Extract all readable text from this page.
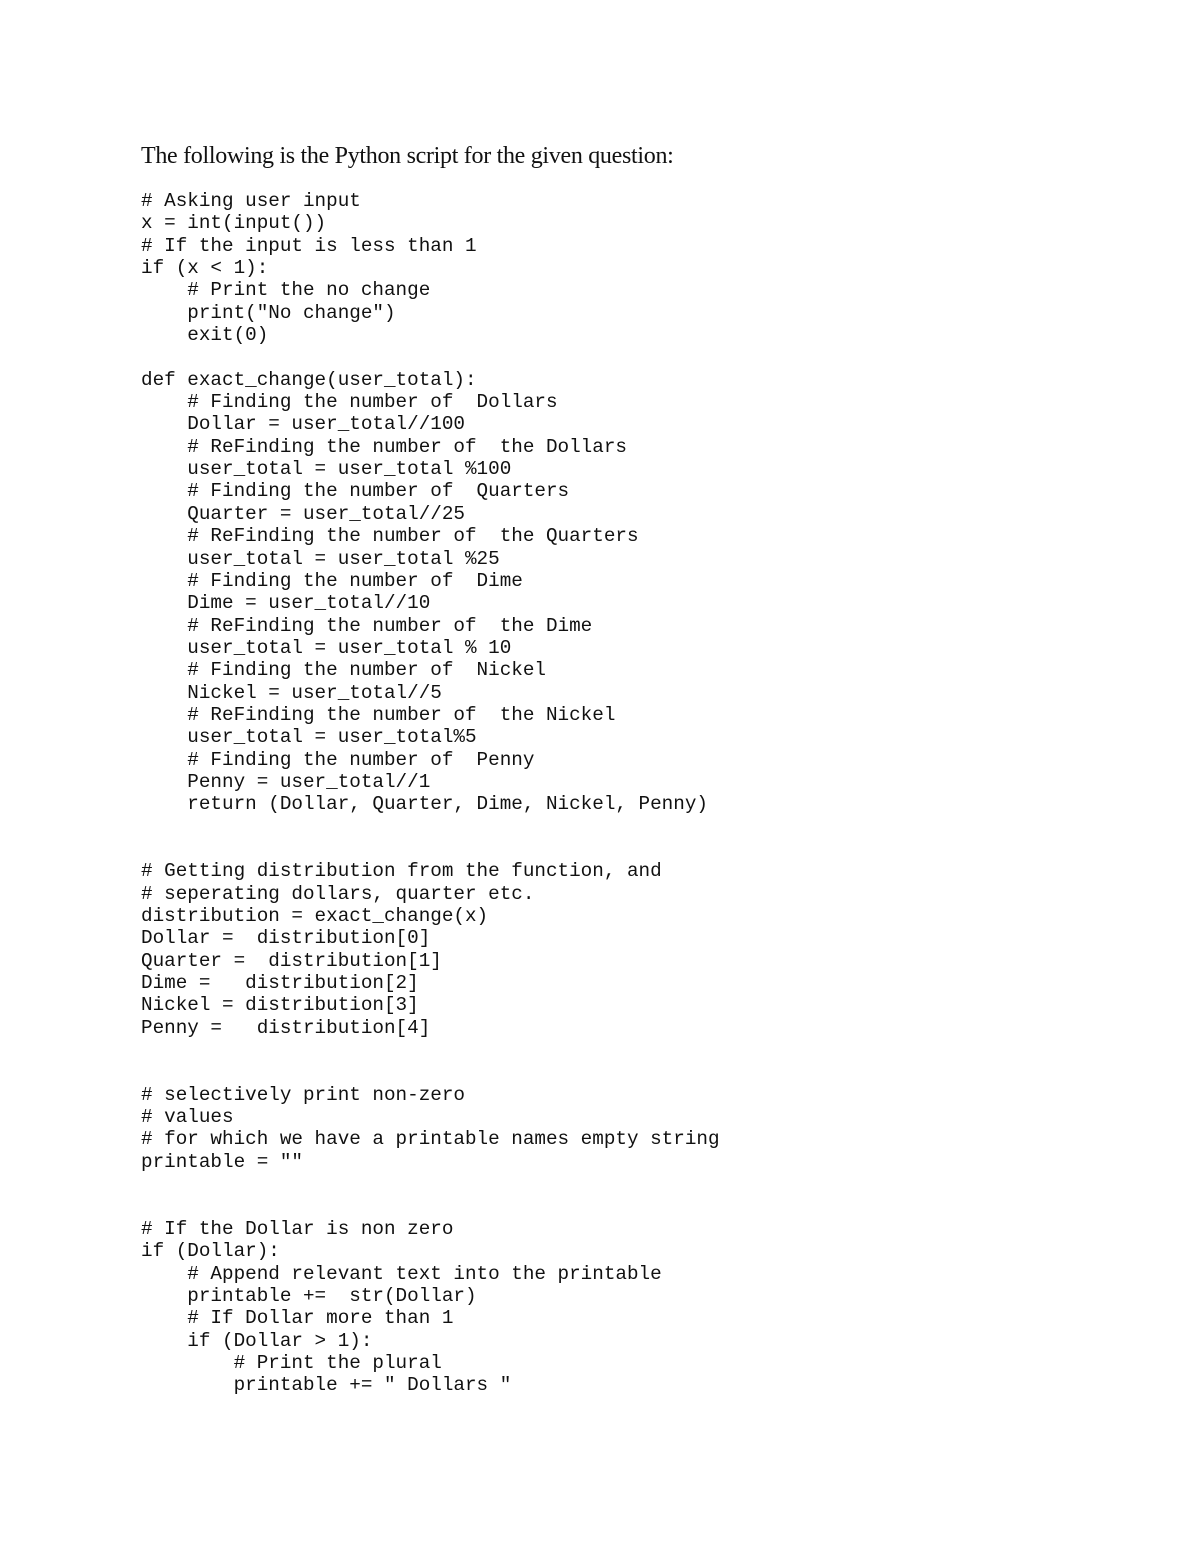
The following is the Python script for the given question:

# Asking user input
x = int(input())
# If the input is less than 1
if (x < 1):
# Print the no change
print("No change")
exit(0)

def exact_change(user_total):
# Finding the number of  Dollars
Dollar = user_total//100
# ReFinding the number of  the Dollars
user_total = user_total %100
# Finding the number of  Quarters
Quarter = user_total//25
# ReFinding the number of  the Quarters
user_total = user_total %25
# Finding the number of  Dime
Dime = user_total//10
# ReFinding the number of  the Dime
user_total = user_total % 10
# Finding the number of  Nickel
Nickel = user_total//5
# ReFinding the number of  the Nickel
user_total = user_total%5
# Finding the number of  Penny
Penny = user_total//1
return (Dollar, Quarter, Dime, Nickel, Penny)

# Getting distribution from the function, and
# seperating dollars, quarter etc.
distribution = exact_change(x)
Dollar =  distribution[0]
Quarter =  distribution[1]
Dime =   distribution[2]
Nickel = distribution[3]
Penny =   distribution[4]

# selectively print non-zero
# values
# for which we have a printable names empty string
printable = ""

# If the Dollar is non zero
if (Dollar):
# Append relevant text into the printable
printable +=  str(Dollar)
# If Dollar more than 1
if (Dollar > 1):
# Print the plural
printable += " Dollars "
